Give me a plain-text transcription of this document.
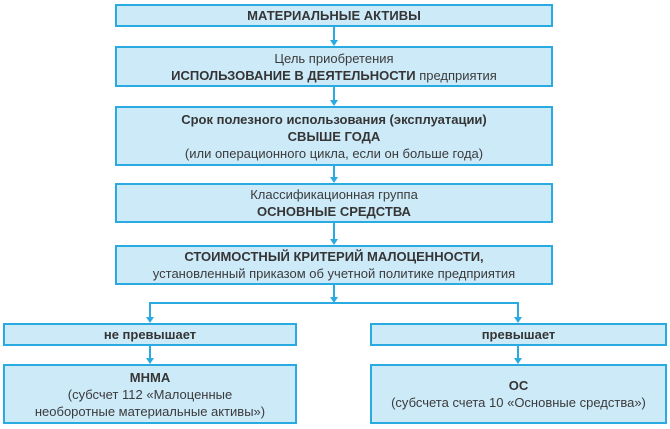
МАТЕРИАЛЬНЫЕ АКТИВЫ
Цель приобретения
ИСПОЛЬЗОВАНИЕ В ДЕЯТЕЛЬНОСТИ предприятия
Срок полезного использования (эксплуатации)
СВЫШЕ ГОДА
(или операционного цикла, если он больше года)
Классификационная группа
ОСНОВНЫЕ СРЕДСТВА
СТОИМОСТНЫЙ КРИТЕРИЙ МАЛОЦЕННОСТИ,
установленный приказом об учетной политике предприятия
не превышает	превышает
МНМА
(субсчет 112 «Малоценные необоротные материальные активы»)
ОС
(субсчета счета 10 «Основные средства»)
